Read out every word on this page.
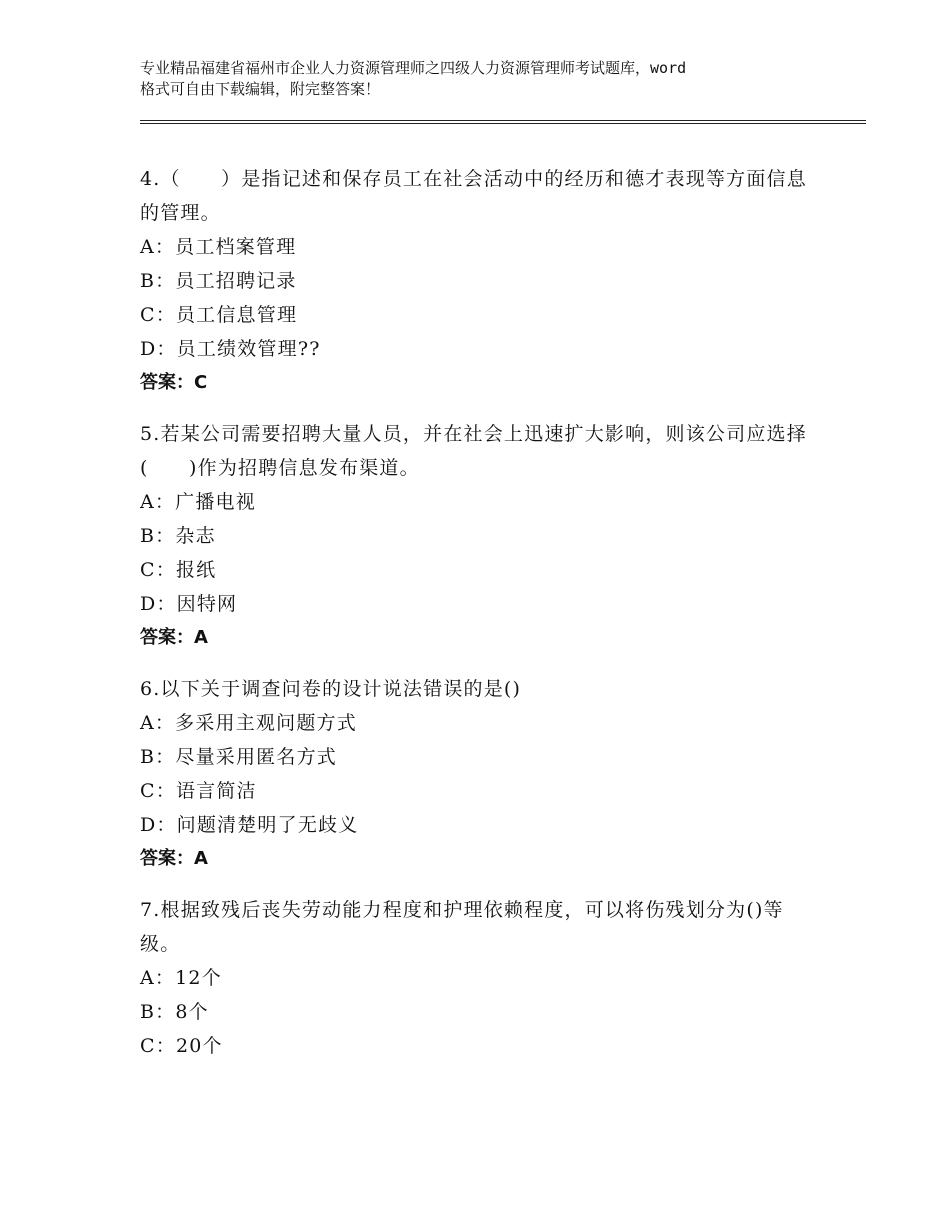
专业精品福建省福州市企业人力资源管理师之四级人力资源管理师考试题库，word
格式可自由下载编辑，附完整答案！

4.（　　）是指记述和保存员工在社会活动中的经历和德才表现等方面信息的管理。

A：员工档案管理

B：员工招聘记录

C：员工信息管理

D：员工绩效管理??

答案：C

5.若某公司需要招聘大量人员，并在社会上迅速扩大影响，则该公司应选择(　　)作为招聘信息发布渠道。

A：广播电视

B：杂志

C：报纸

D：因特网

答案：A

6.以下关于调查问卷的设计说法错误的是()

A：多采用主观问题方式

B：尽量采用匿名方式

C：语言简洁

D：问题清楚明了无歧义

答案：A

7.根据致残后丧失劳动能力程度和护理依赖程度，可以将伤残划分为()等级。

A：12个

B：8个

C：20个
